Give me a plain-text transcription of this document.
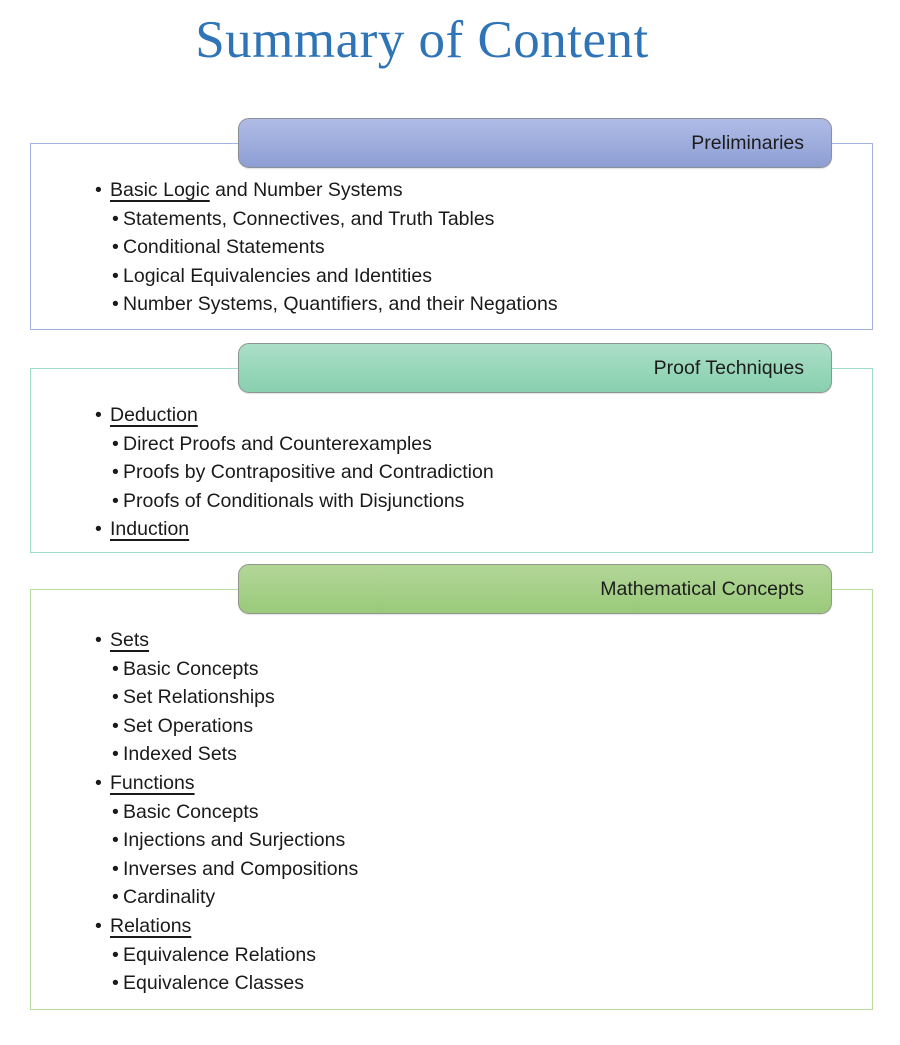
Summary of Content
• Basic Logic and Number Systems
• Statements, Connectives, and Truth Tables
• Conditional Statements
• Logical Equivalencies and Identities
• Number Systems, Quantifiers, and their Negations
Preliminaries
• Deduction
• Direct Proofs and Counterexamples
• Proofs by Contrapositive and Contradiction
• Proofs of Conditionals with Disjunctions
• Induction
Proof Techniques
• Sets
• Basic Concepts
• Set Relationships
• Set Operations
• Indexed Sets
• Functions
• Basic Concepts
• Injections and Surjections
• Inverses and Compositions
• Cardinality
• Relations
• Equivalence Relations
• Equivalence Classes
Mathematical Concepts
